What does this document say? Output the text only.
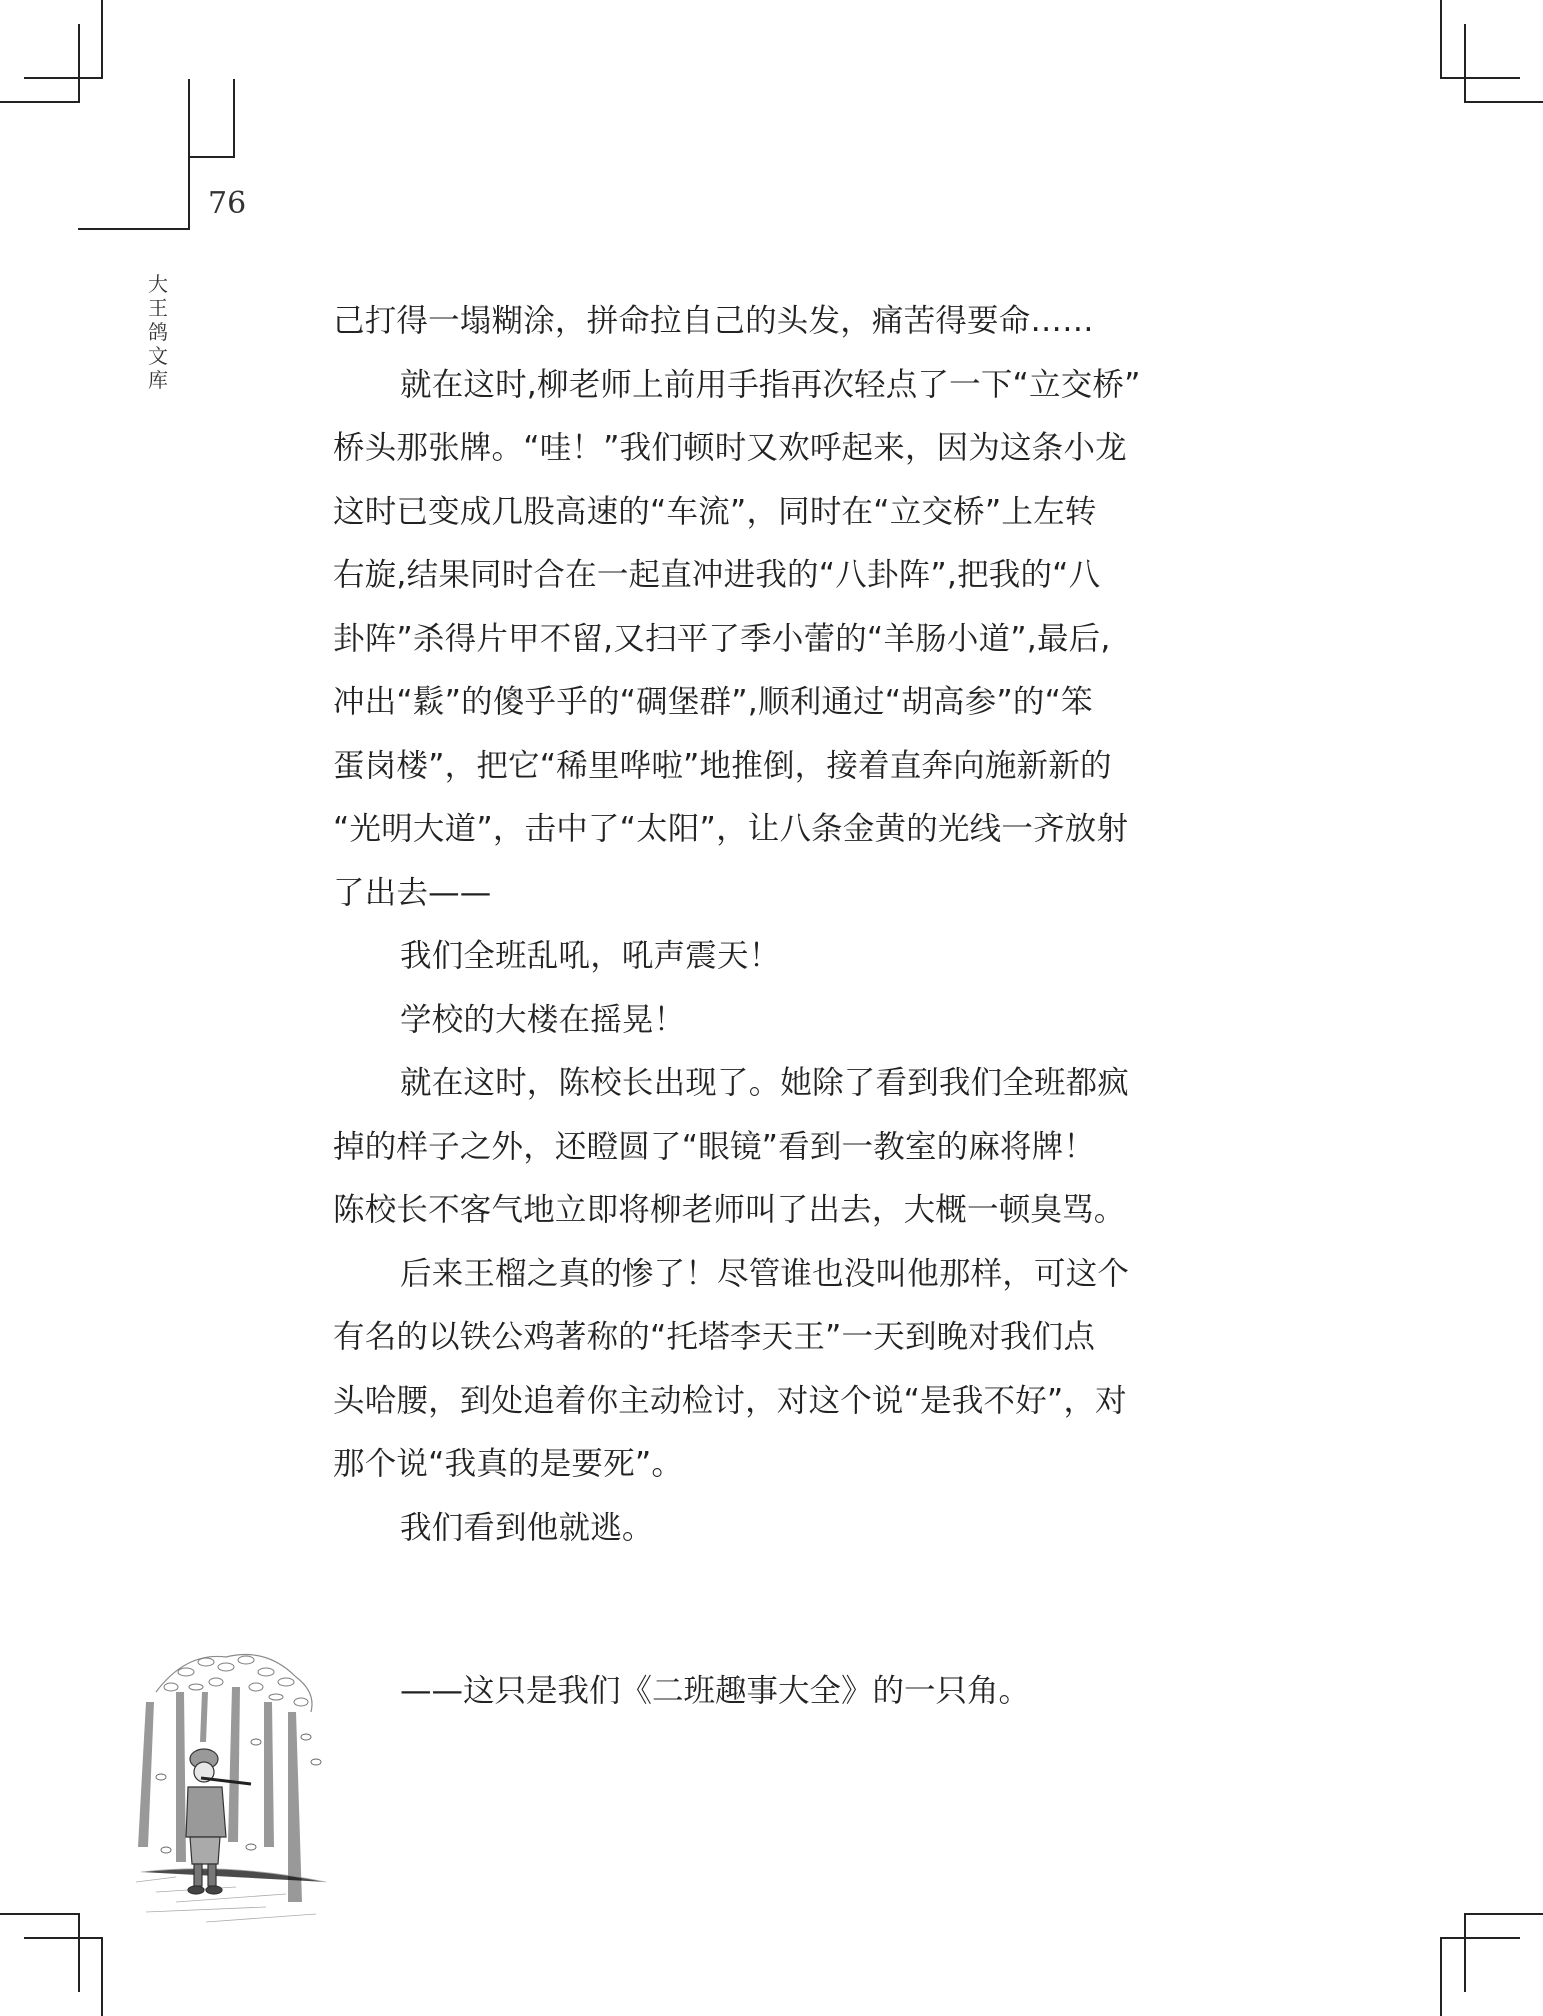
76
大
王
鸽
文
库

己打得一塌糊涂，拼命拉自己的头发，痛苦得要命……

就在这时,柳老师上前用手指再次轻点了一下“立交桥”

桥头那张牌。“哇！”我们顿时又欢呼起来，因为这条小龙

这时已变成几股高速的“车流”，同时在“立交桥”上左转

右旋,结果同时合在一起直冲进我的“八卦阵”,把我的“八

卦阵”杀得片甲不留,又扫平了季小蕾的“羊肠小道”,最后,

冲出“鬏”的傻乎乎的“碉堡群”,顺利通过“胡高参”的“笨

蛋岗楼”，把它“稀里哗啦”地推倒，接着直奔向施新新的

“光明大道”，击中了“太阳”，让八条金黄的光线一齐放射

了出去——

我们全班乱吼，吼声震天！

学校的大楼在摇晃！

就在这时，陈校长出现了。她除了看到我们全班都疯

掉的样子之外，还瞪圆了“眼镜”看到一教室的麻将牌！

陈校长不客气地立即将柳老师叫了出去，大概一顿臭骂。

后来王榴之真的惨了！尽管谁也没叫他那样，可这个

有名的以铁公鸡著称的“托塔李天王”一天到晚对我们点

头哈腰，到处追着你主动检讨，对这个说“是我不好”，对

那个说“我真的是要死”。

我们看到他就逃。

——这只是我们《二班趣事大全》的一只角。
